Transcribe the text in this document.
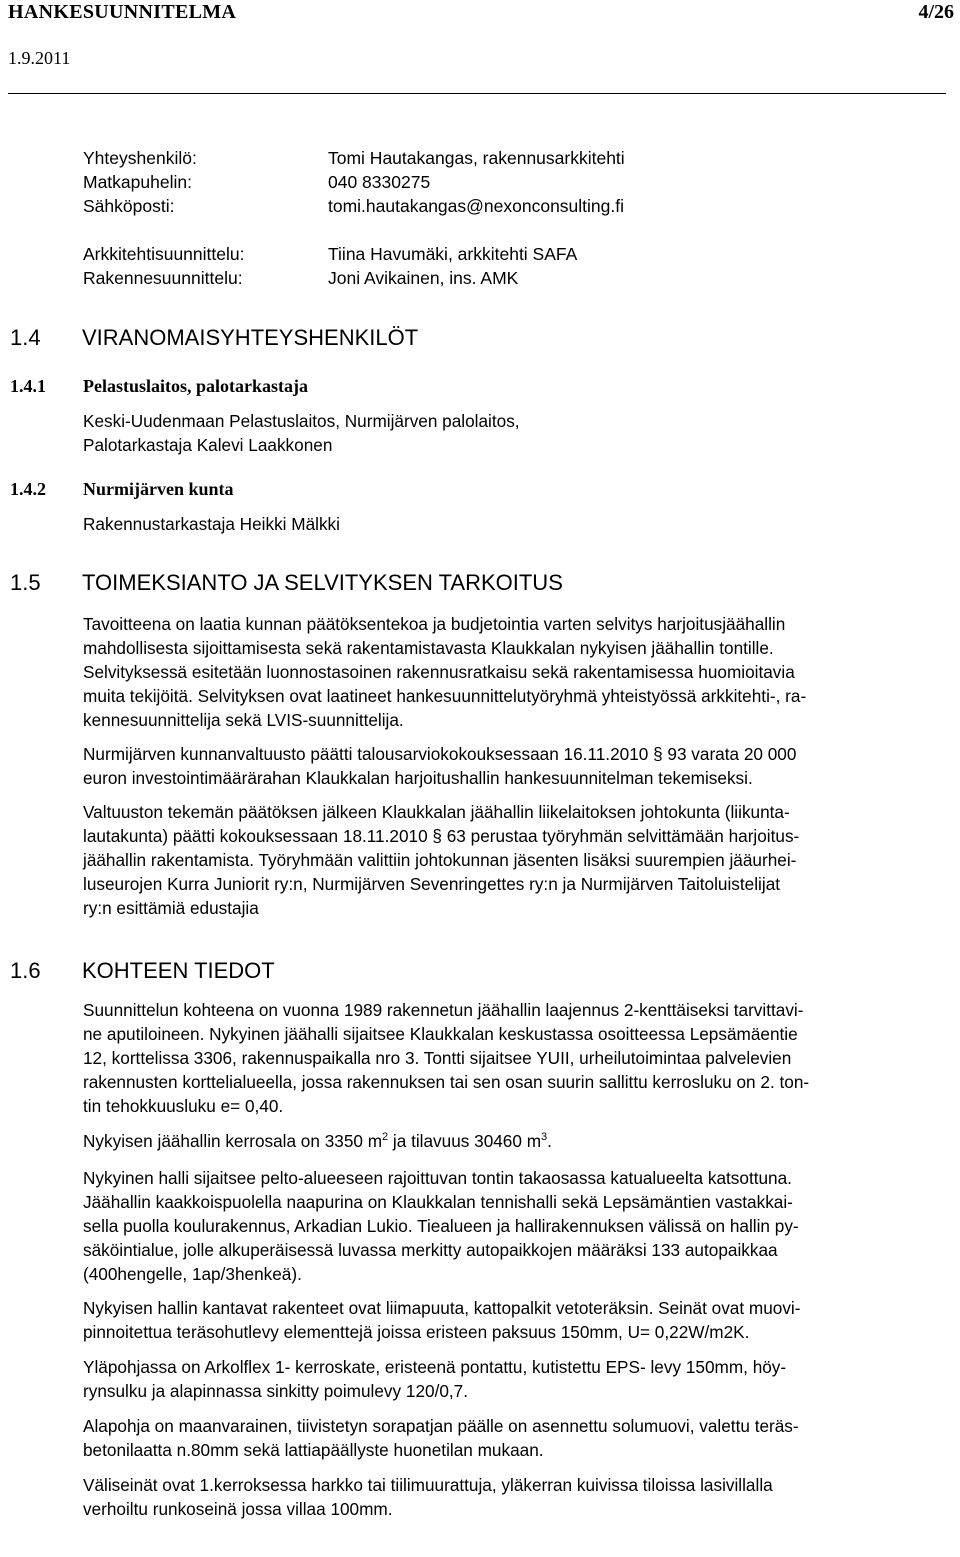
HANKESUUNNITELMA	4/26
1.9.2011
Yhteyshenkilö:	Tomi Hautakangas, rakennusarkkitehti
Matkapuhelin:	040 8330275
Sähköposti:	tomi.hautakangas@nexonconsulting.fi
Arkkitehtisuunnittelu:	Tiina Havumäki, arkkitehti SAFA
Rakennesuunnittelu:	Joni Avikainen, ins. AMK
1.4 VIRANOMAISYHTEYSHENKILÖT
1.4.1 Pelastuslaitos, palotarkastaja
Keski-Uudenmaan Pelastuslaitos, Nurmijärven palolaitos,
Palotarkastaja Kalevi Laakkonen
1.4.2 Nurmijärven kunta
Rakennustarkastaja Heikki Mälkki
1.5 TOIMEKSIANTO JA SELVITYKSEN TARKOITUS
Tavoitteena on laatia kunnan päätöksentekoa ja budjetointia varten selvitys harjoitusjäähallin
mahdollisesta sijoittamisesta sekä rakentamistavasta Klaukkalan nykyisen jäähallin tontille.
Selvityksessä esitetään luonnostasoinen rakennusratkaisu sekä rakentamisessa huomioitavia
muita tekijöitä. Selvityksen ovat laatineet hankesuunnittelutyöryhmä yhteistyössä arkkitehti-, ra-
kennesuunnittelija sekä LVIS-suunnittelija.
Nurmijärven kunnanvaltuusto päätti talousarviokokouksessaan 16.11.2010 § 93 varata 20 000
euron investointimäärärahan Klaukkalan harjoitushallin hankesuunnitelman tekemiseksi.
Valtuuston tekemän päätöksen jälkeen Klaukkalan jäähallin liikelaitoksen johtokunta (liikunta-
lautakunta) päätti kokouksessaan 18.11.2010 § 63 perustaa työryhmän selvittämään harjoitus-
jäähallin rakentamista. Työryhmään valittiin johtokunnan jäsenten lisäksi suurempien jääurhei-
luseurojen Kurra Juniorit ry:n, Nurmijärven Sevenringettes ry:n ja Nurmijärven Taitoluistelijat
ry:n esittämiä edustajia
1.6 KOHTEEN TIEDOT
Suunnittelun kohteena on vuonna 1989 rakennetun jäähallin laajennus 2-kenttäiseksi tarvittavi-
ne aputiloineen. Nykyinen jäähalli sijaitsee Klaukkalan keskustassa osoitteessa Lepsämäentie
12, korttelissa 3306, rakennuspaikalla nro 3. Tontti sijaitsee YUII, urheilutoimintaa palvelevien
rakennusten korttelialueella, jossa rakennuksen tai sen osan suurin sallittu kerrosluku on 2. ton-
tin tehokkuusluku e= 0,40.
Nykyisen jäähallin kerrosala on 3350 $m^2$ ja tilavuus 30460 $m^3$.
Nykyinen halli sijaitsee pelto-alueeseen rajoittuvan tontin takaosassa katualueelta katsottuna.
Jäähallin kaakkoispuolella naapurina on Klaukkalan tennishalli sekä Lepsämäntien vastakkai-
sella puolla koulurakennus, Arkadian Lukio. Tiealueen ja hallirakennuksen välissä on hallin py-
säköintialue, jolle alkuperäisessä luvassa merkitty autopaikkojen määräksi 133 autopaikkaa
(400hengelle, 1ap/3henkeä).
Nykyisen hallin kantavat rakenteet ovat liimapuuta, kattopalkit vetoteräksin. Seinät ovat muovi-
pinnoitettua teräsohutlevy elementtejä joissa eristeen paksuus 150mm, U= 0,22W/m2K.
Yläpohjassa on Arkolflex 1- kerroskate, eristeenä pontattu, kutistettu EPS- levy 150mm, höy-
rynsulku ja alapinnassa sinkitty poimulevy 120/0,7.
Alapohja on maanvarainen, tiivistetyn sorapatjan päälle on asennettu solumuovi, valettu teräs-
betonilaatta n.80mm sekä lattiapäällyste huonetilan mukaan.
Väliseinät ovat 1.kerroksessa harkko tai tiilimuurattuja, yläkerran kuivissa tiloissa lasivillalla
verhoiltu runkoseinä jossa villaa 100mm.
